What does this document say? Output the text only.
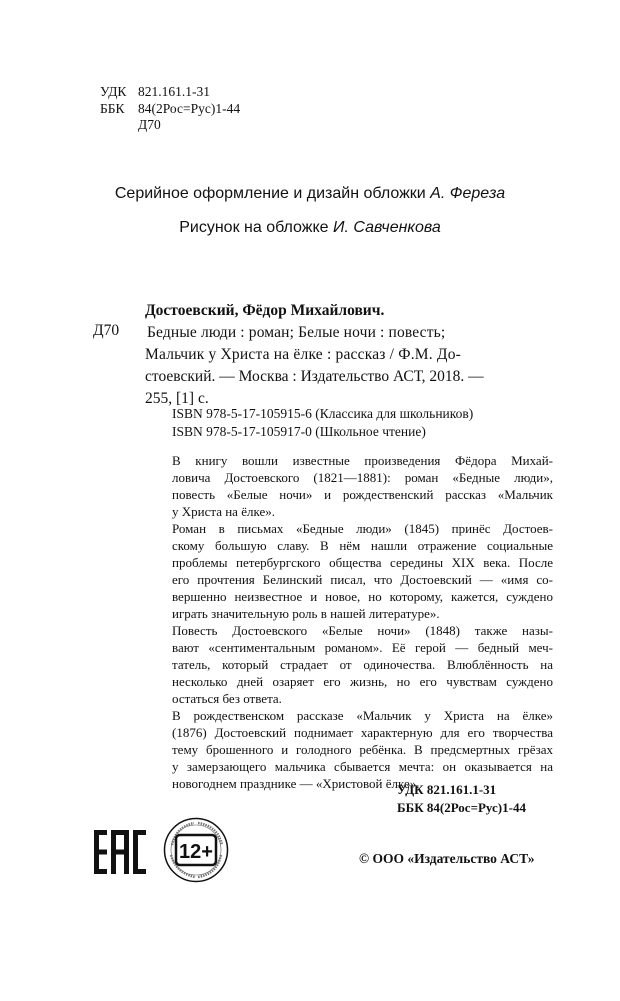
УДК 821.161.1-31
ББК 84(2Рос=Рус)1-44
Д70
Серийное оформление и дизайн обложки А. Фереза
Рисунок на обложке И. Савченкова
Достоевский, Фёдор Михайлович.
Бедные люди : роман; Белые ночи : повесть;
Мальчик у Христа на ёлке : рассказ / Ф.М. До-
стоевский. — Москва : Издательство АСТ, 2018. —
255, [1] с.
Д70
ISBN 978-5-17-105915-6 (Классика для школьников)
ISBN 978-5-17-105917-0 (Школьное чтение)

В книгу вошли известные произведения Фёдора Михай-
ловича Достоевского (1821—1881): роман «Бедные люди»,
повесть «Белые ночи» и рождественский рассказ «Мальчик
у Христа на ёлке».

Роман в письмах «Бедные люди» (1845) принёс Достоев-
скому большую славу. В нём нашли отражение социальные
проблемы петербургского общества середины XIX века. После
его прочтения Белинский писал, что Достоевский — «имя со-
вершенно неизвестное и новое, но которому, кажется, суждено
играть значительную роль в нашей литературе».

Повесть Достоевского «Белые ночи» (1848) также назы-
вают «сентиментальным романом». Её герой — бедный меч-
татель, который страдает от одиночества. Влюблённость на
несколько дней озаряет его жизнь, но его чувствам суждено
остаться без ответа.

В рождественском рассказе «Мальчик у Христа на ёлке»
(1876) Достоевский поднимает характерную для его творчества
тему брошенного и голодного ребёнка. В предсмертных грёзах
у замерзающего мальчика сбывается мечта: он оказывается на
новогоднем празднике — «Христовой ёлке».

УДК 821.161.1-31
ББК 84(2Рос=Рус)1-44
12+	© ООО «Издательство АСТ»
